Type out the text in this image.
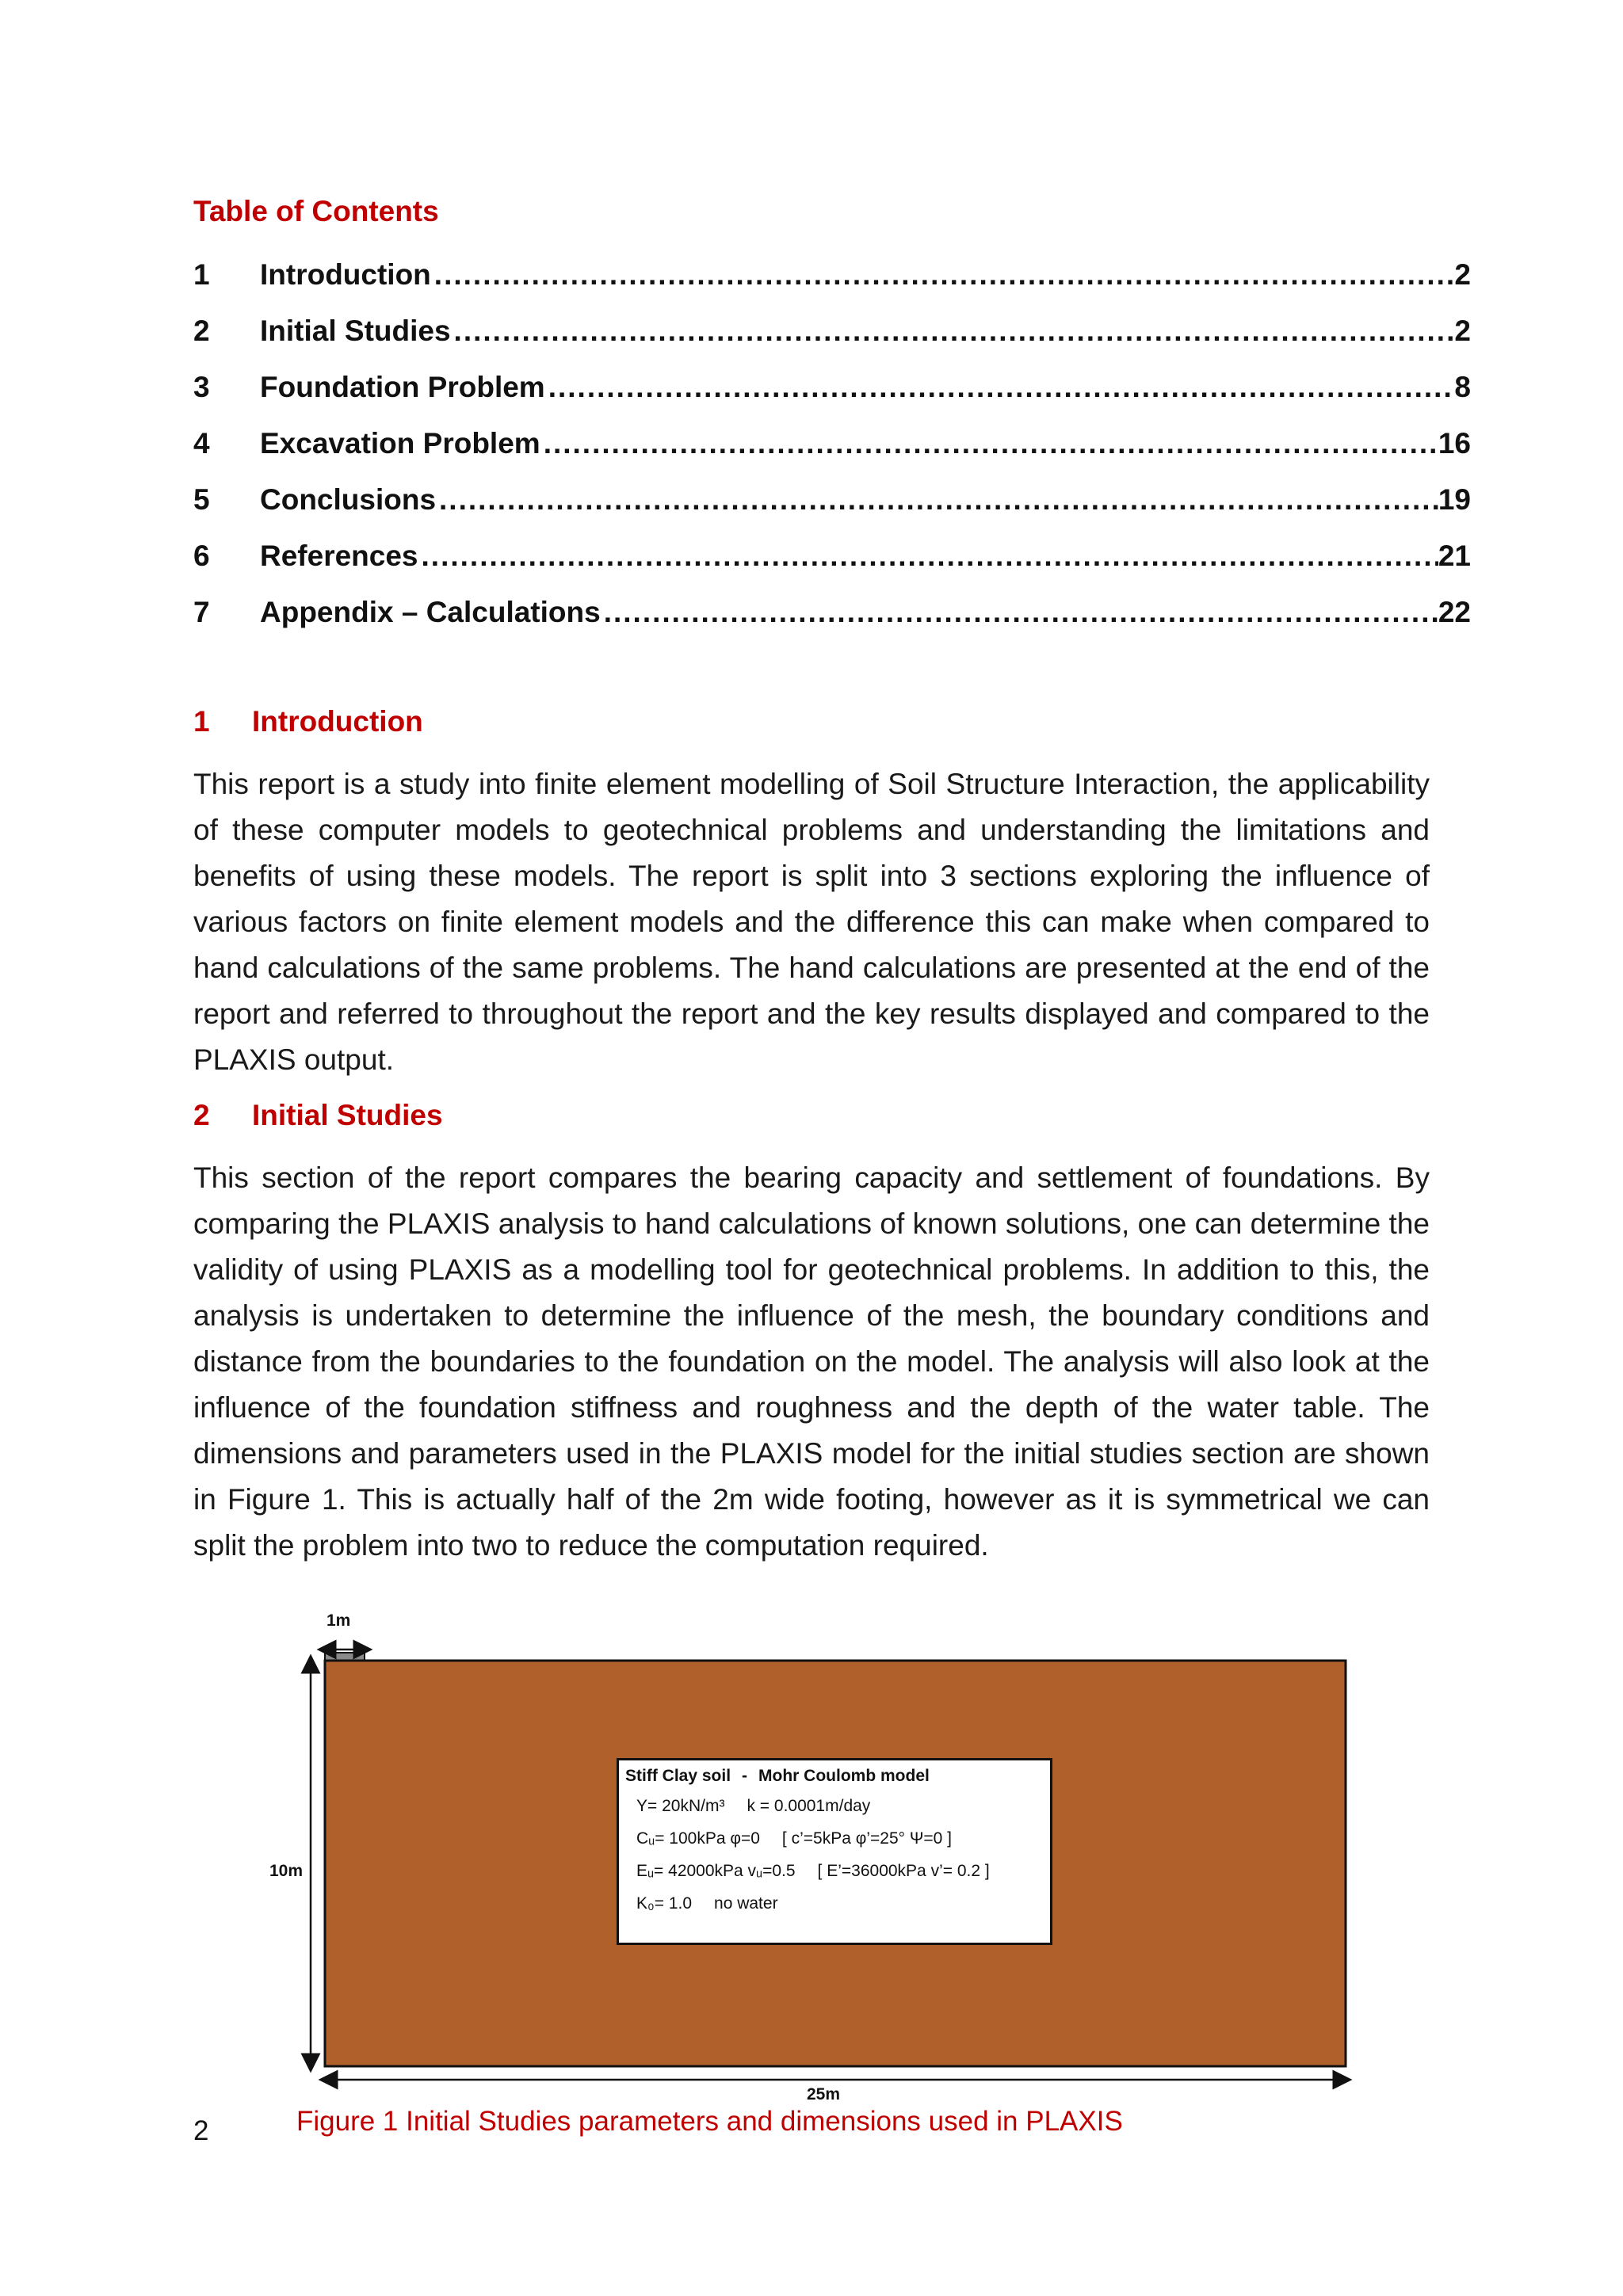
Table of Contents
1	Introduction .....	2
2	Initial Studies .....	2
3	Foundation Problem .....	8
4	Excavation Problem .....	16
5	Conclusions .....	19
6	References .....	21
7	Appendix – Calculations .....	22
1	Introduction
This report is a study into finite element modelling of Soil Structure Interaction, the applicability of these computer models to geotechnical problems and understanding the limitations and benefits of using these models. The report is split into 3 sections exploring the influence of various factors on finite element models and the difference this can make when compared to hand calculations of the same problems. The hand calculations are presented at the end of the report and referred to throughout the report and the key results displayed and compared to the PLAXIS output.
2	Initial Studies
This section of the report compares the bearing capacity and settlement of foundations. By comparing the PLAXIS analysis to hand calculations of known solutions, one can determine the validity of using PLAXIS as a modelling tool for geotechnical problems. In addition to this, the analysis is undertaken to determine the influence of the mesh, the boundary conditions and distance from the boundaries to the foundation on the model. The analysis will also look at the influence of the foundation stiffness and roughness and the depth of the water table. The dimensions and parameters used in the PLAXIS model for the initial studies section are shown in Figure 1. This is actually half of the 2m wide footing, however as it is symmetrical we can split the problem into two to reduce the computation required.
1m
10m
25m
Stiff Clay soil - Mohr Coulomb model
Y= 20kN/m³ k = 0.0001m/day
Cᵤ= 100kPa φ=0 [ c’=5kPa φ’=25° Ψ=0 ]
Eᵤ= 42000kPa vᵤ=0.5 [ E’=36000kPa v’= 0.2 ]
K₀= 1.0 no water
2	Figure 1 Initial Studies parameters and dimensions used in PLAXIS
